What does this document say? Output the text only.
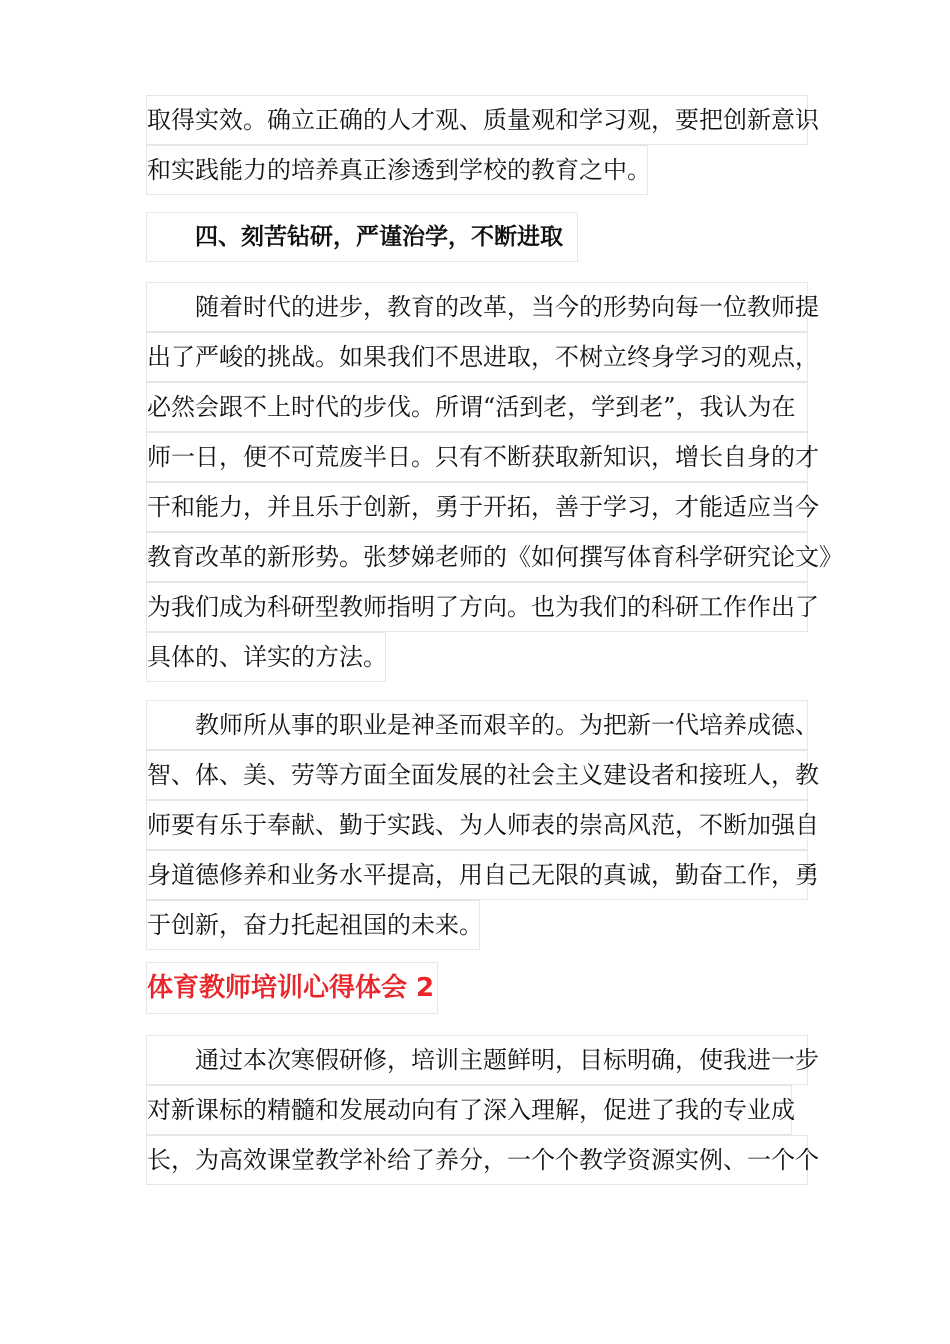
取得实效。确立正确的人才观、质量观和学习观，要把创新意识
和实践能力的培养真正渗透到学校的教育之中。
四、刻苦钻研，严谨治学，不断进取
随着时代的进步，教育的改革，当今的形势向每一位教师提
出了严峻的挑战。如果我们不思进取，不树立终身学习的观点，
必然会跟不上时代的步伐。所谓“活到老，学到老”，我认为在
师一日，便不可荒废半日。只有不断获取新知识，增长自身的才
干和能力，并且乐于创新，勇于开拓，善于学习，才能适应当今
教育改革的新形势。张梦娣老师的《如何撰写体育科学研究论文》
为我们成为科研型教师指明了方向。也为我们的科研工作作出了
具体的、详实的方法。
教师所从事的职业是神圣而艰辛的。为把新一代培养成德、
智、体、美、劳等方面全面发展的社会主义建设者和接班人，教
师要有乐于奉献、勤于实践、为人师表的崇高风范，不断加强自
身道德修养和业务水平提高，用自己无限的真诚，勤奋工作，勇
于创新，奋力托起祖国的未来。
体育教师培训心得体会 2
通过本次寒假研修，培训主题鲜明，目标明确，使我进一步
对新课标的精髓和发展动向有了深入理解，促进了我的专业成
长，为高效课堂教学补给了养分，一个个教学资源实例、一个个
